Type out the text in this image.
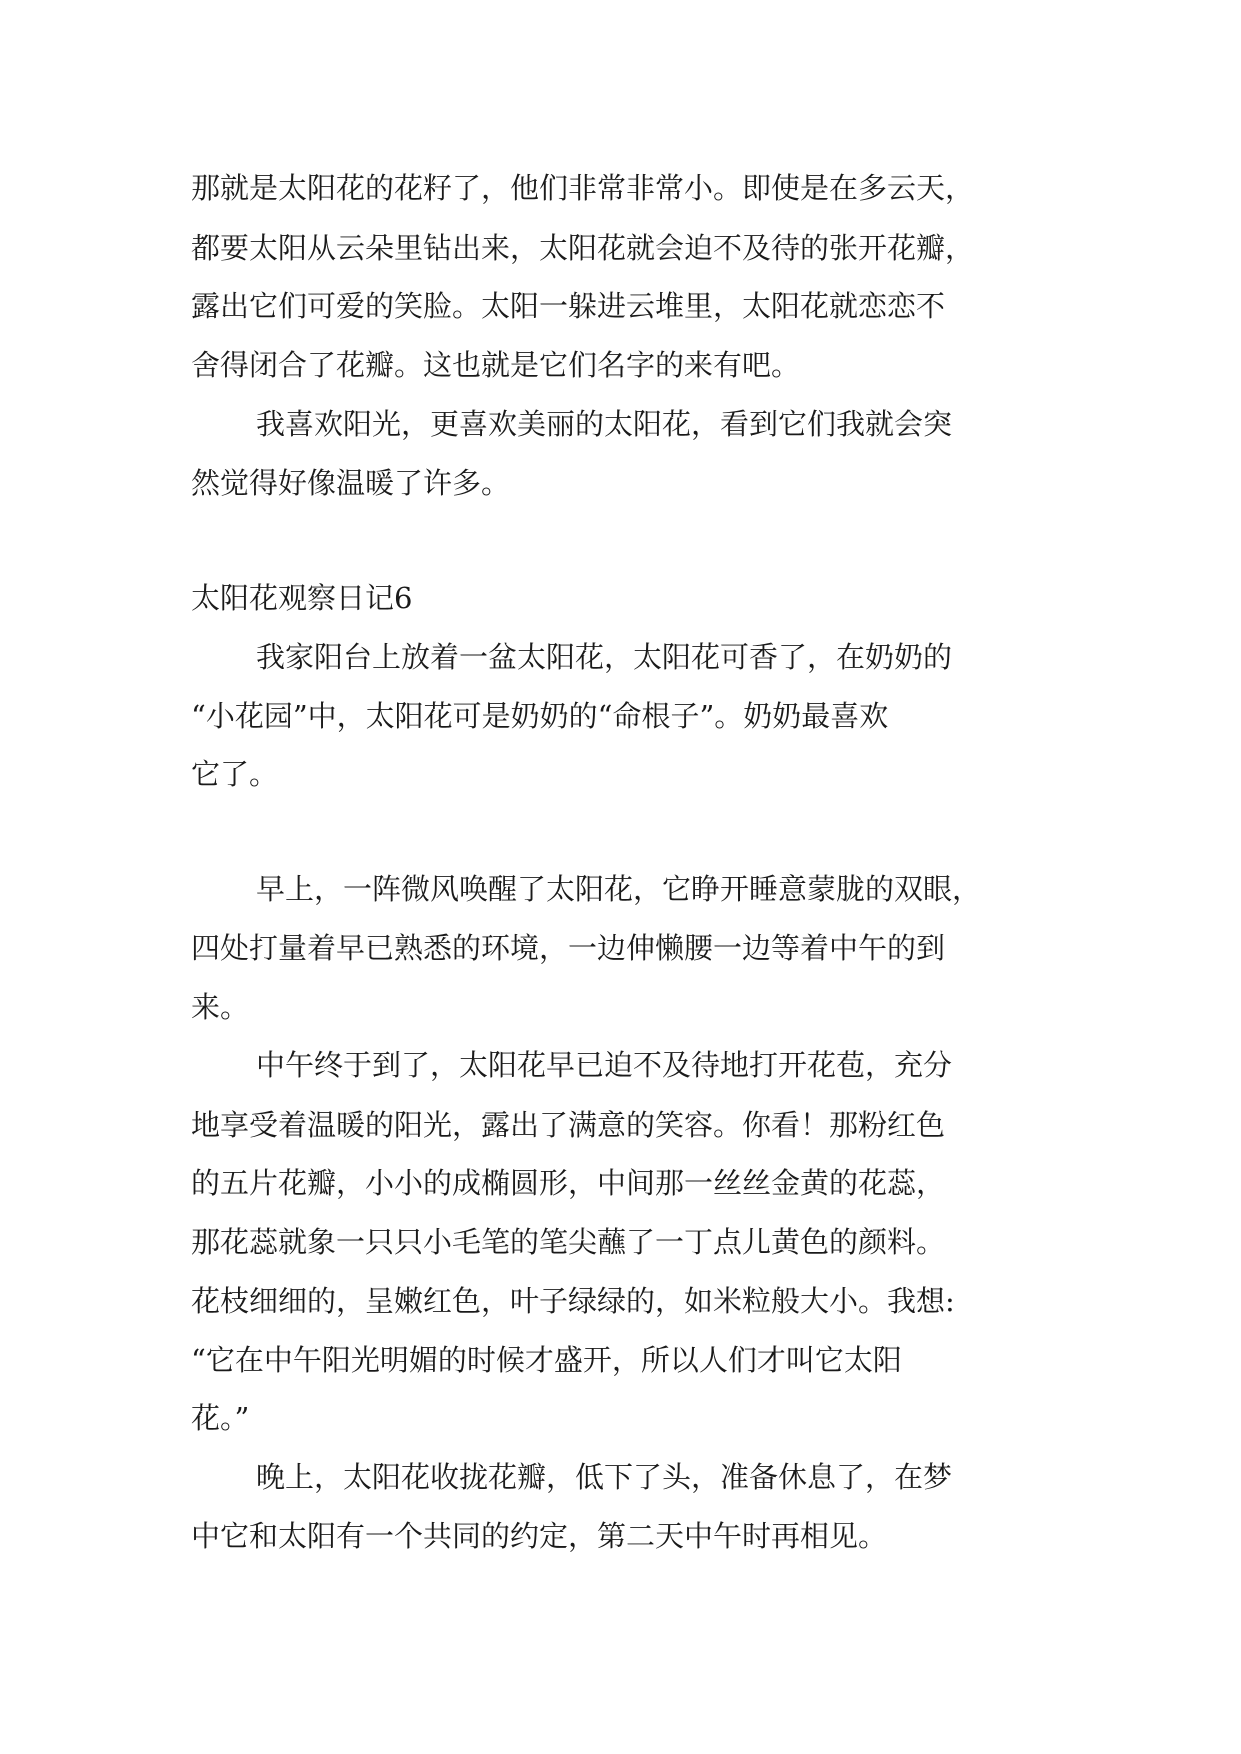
那就是太阳花的花籽了，他们非常非常小。即使是在多云天，

都要太阳从云朵里钻出来，太阳花就会迫不及待的张开花瓣，

露出它们可爱的笑脸。太阳一躲进云堆里，太阳花就恋恋不

舍得闭合了花瓣。这也就是它们名字的来有吧。

我喜欢阳光，更喜欢美丽的太阳花，看到它们我就会突

然觉得好像温暖了许多。

太阳花观察日记6

我家阳台上放着一盆太阳花，太阳花可香了，在奶奶的

“小花园”中，太阳花可是奶奶的“命根子”。奶奶最喜欢

它了。

早上，一阵微风唤醒了太阳花，它睁开睡意蒙胧的双眼，

四处打量着早已熟悉的环境，一边伸懒腰一边等着中午的到

来。

中午终于到了，太阳花早已迫不及待地打开花苞，充分

地享受着温暖的阳光，露出了满意的笑容。你看！那粉红色

的五片花瓣，小小的成椭圆形，中间那一丝丝金黄的花蕊，

那花蕊就象一只只小毛笔的笔尖蘸了一丁点儿黄色的颜料。

花枝细细的，呈嫩红色，叶子绿绿的，如米粒般大小。我想:

“它在中午阳光明媚的时候才盛开，所以人们才叫它太阳

花。”

晚上，太阳花收拢花瓣，低下了头，准备休息了，在梦

中它和太阳有一个共同的约定，第二天中午时再相见。
